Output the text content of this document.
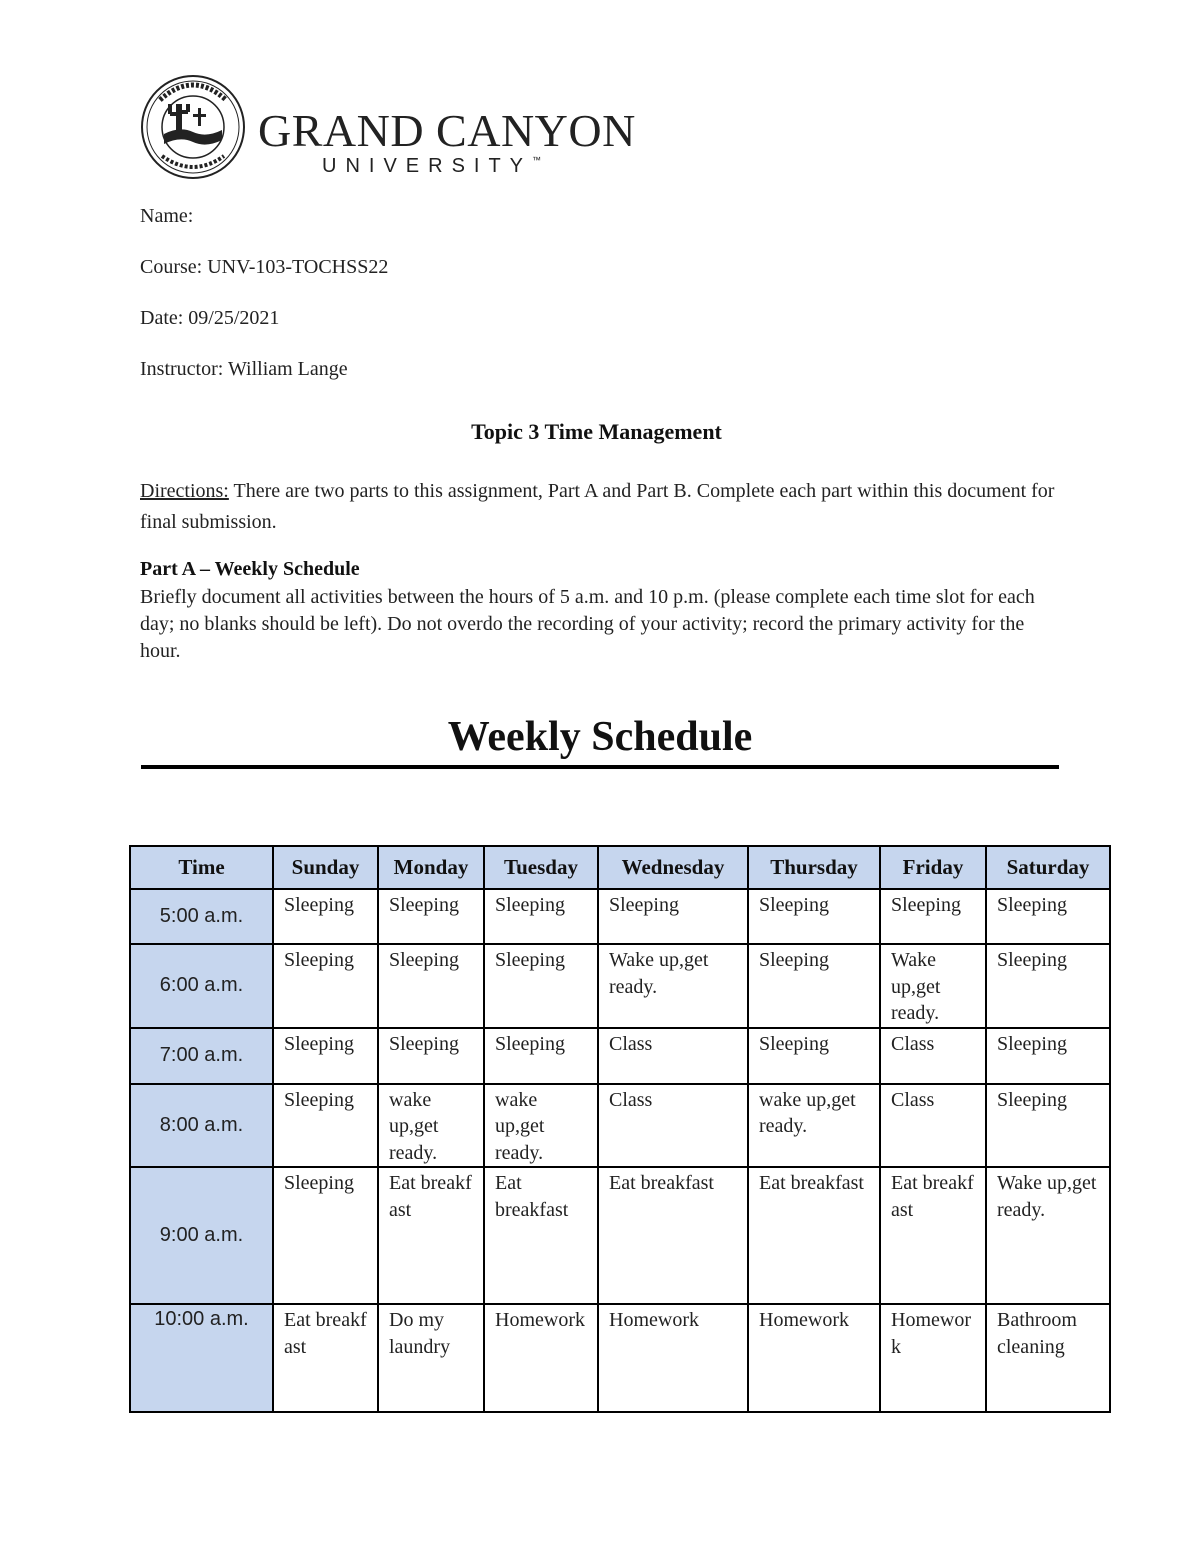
GRAND CANYON
UNIVERSITY™
Name:
Course: UNV-103-TOCHSS22
Date: 09/25/2021
Instructor: William Lange
Topic 3 Time Management
Directions: There are two parts to this assignment, Part A and Part B. Complete each part within this document for final submission.
Part A – Weekly Schedule
Briefly document all activities between the hours of 5 a.m. and 10 p.m. (please complete each time slot for each day; no blanks should be left). Do not overdo the recording of your activity; record the primary activity for the hour.
Weekly Schedule
Time	Sunday	Monday	Tuesday	Wednesday	Thursday	Friday	Saturday
5:00 a.m.	Sleeping	Sleeping	Sleeping	Sleeping	Sleeping	Sleeping	Sleeping
6:00 a.m.	Sleeping	Sleeping	Sleeping	Wake up,get ready.	Sleeping	Wake up,get ready.	Sleeping
7:00 a.m.	Sleeping	Sleeping	Sleeping	Class	Sleeping	Class	Sleeping
8:00 a.m.	Sleeping	wake up,get ready.	wake up,get ready.	Class	wake up,get ready.	Class	Sleeping
9:00 a.m.	Sleeping	Eat breakfast	Eat breakfast	Eat breakfast	Eat breakfast	Eat breakfast	Wake up,get ready.
10:00 a.m.	Eat breakfast	Do my laundry	Homework	Homework	Homework	Homework	Bathroom cleaning
